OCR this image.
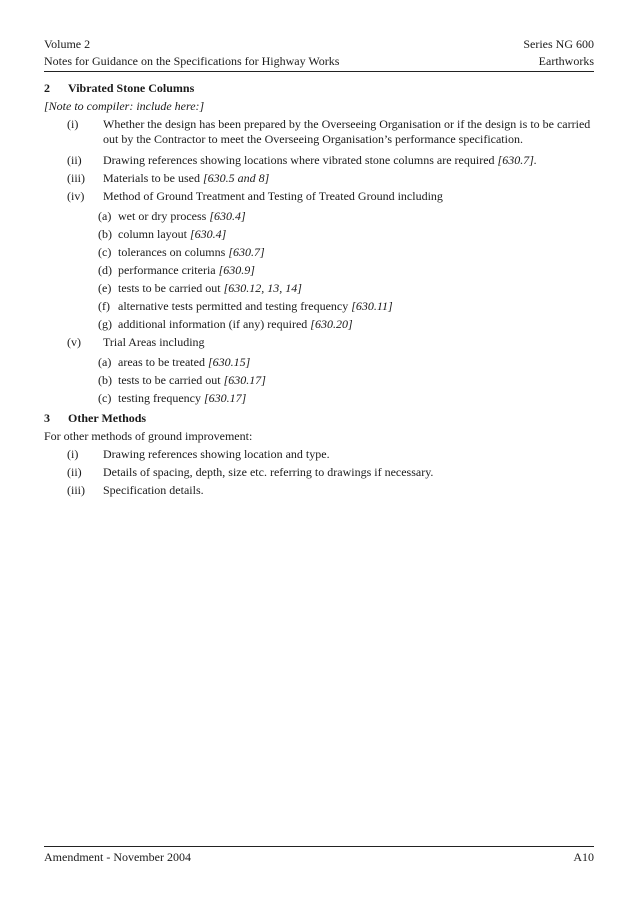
Volume 2	Series NG 600
Notes for Guidance on the Specifications for Highway Works	Earthworks
2 Vibrated Stone Columns
[Note to compiler: include here:]
(i)	Whether the design has been prepared by the Overseeing Organisation or if the design is to be carried out by the Contractor to meet the Overseeing Organisation’s performance specification.
(ii)	Drawing references showing locations where vibrated stone columns are required [630.7].
(iii)	Materials to be used [630.5 and 8]
(iv)	Method of Ground Treatment and Testing of Treated Ground including
(a) wet or dry process
[630.4]
(b) column layout
[630.4]
(c) tolerances on columns
[630.7]
(d) performance criteria
[630.9]
(e) tests to be carried out
[630.12, 13, 14]
(f) alternative tests permitted and testing frequency
[630.11]
(g) additional information (if any) required
[630.20]
(v)	Trial Areas including
(a) areas to be treated
[630.15]
(b) tests to be carried out
[630.17]
(c) testing frequency
[630.17]
3 Other Methods
For other methods of ground improvement:
(i)	Drawing references showing location and type.
(ii)	Details of spacing, depth, size etc. referring to drawings if necessary.
(iii)	Specification details.
Amendment - November 2004	A10
